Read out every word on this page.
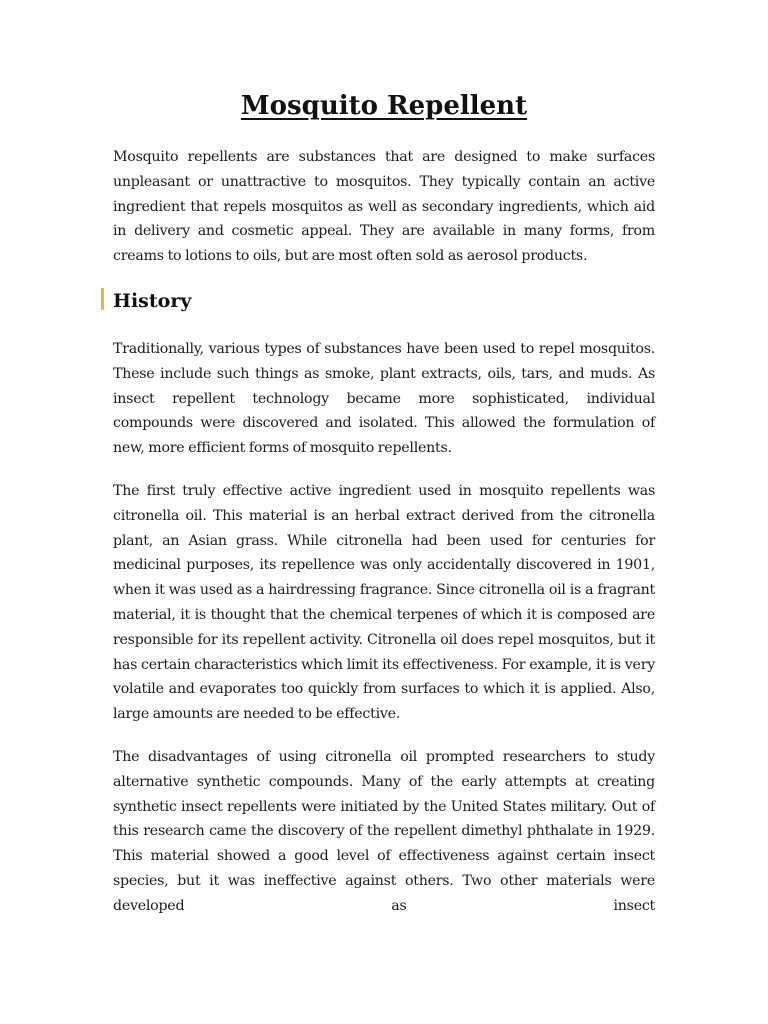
Mosquito Repellent

Mosquito repellents are substances that are designed to make surfaces unpleasant or unattractive to mosquitos. They typically contain an active ingredient that repels mosquitos as well as secondary ingredients, which aid in delivery and cosmetic appeal. They are available in many forms, from creams to lotions to oils, but are most often sold as aerosol products.

History

Traditionally, various types of substances have been used to repel mosquitos. These include such things as smoke, plant extracts, oils, tars, and muds. As insect repellent technology became more sophisticated, individual compounds were discovered and isolated. This allowed the formulation of new, more efficient forms of mosquito repellents.

The first truly effective active ingredient used in mosquito repellents was citronella oil. This material is an herbal extract derived from the citronella plant, an Asian grass. While citronella had been used for centuries for medicinal purposes, its repellence was only accidentally discovered in 1901, when it was used as a hairdressing fragrance. Since citronella oil is a fragrant material, it is thought that the chemical terpenes of which it is composed are responsible for its repellent activity. Citronella oil does repel mosquitos, but it has certain characteristics which limit its effectiveness. For example, it is very volatile and evaporates too quickly from surfaces to which it is applied. Also, large amounts are needed to be effective.

The disadvantages of using citronella oil prompted researchers to study alternative synthetic compounds. Many of the early attempts at creating synthetic insect repellents were initiated by the United States military. Out of this research came the discovery of the repellent dimethyl phthalate in 1929. This material showed a good level of effectiveness against certain insect species, but it was ineffective against others. Two other materials were developed as insect
